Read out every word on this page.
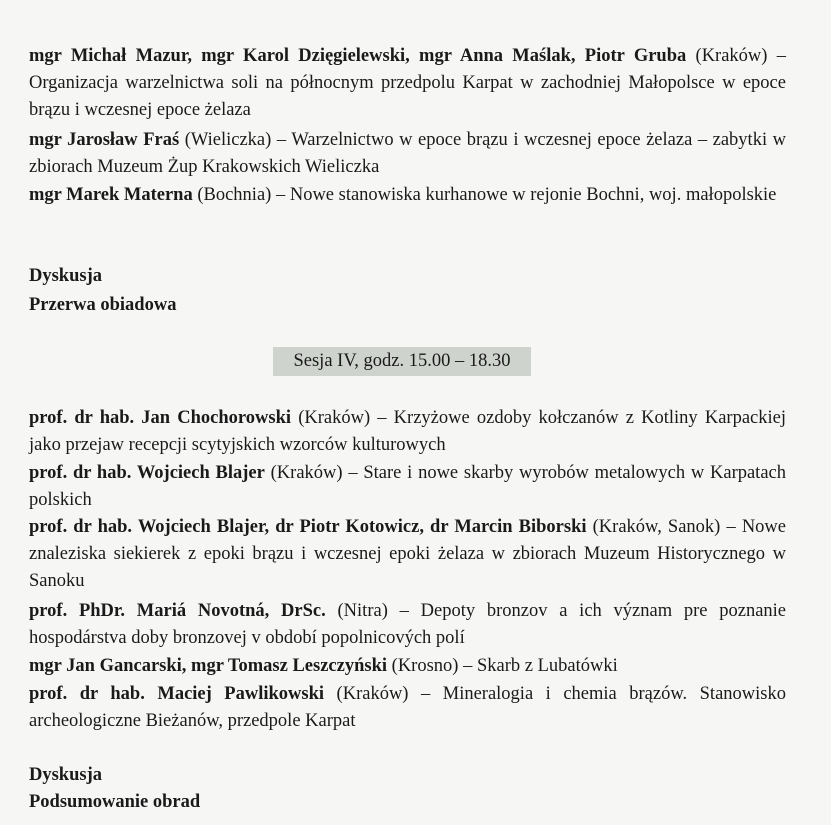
mgr Michał Mazur, mgr Karol Dzięgielewski, mgr Anna Maślak, Piotr Gruba (Kraków) – Organizacja warzelnictwa soli na północnym przedpolu Karpat w zachodniej Małopolsce w epoce brązu i wczesnej epoce żelaza
mgr Jarosław Fraś (Wieliczka) – Warzelnictwo w epoce brązu i wczesnej epoce żelaza – zabytki w zbiorach Muzeum Żup Krakowskich Wieliczka
mgr Marek Materna (Bochnia) – Nowe stanowiska kurhanowe w rejonie Bochni, woj. małopolskie
Dyskusja
Przerwa obiadowa
Sesja IV, godz. 15.00 – 18.30
prof. dr hab. Jan Chochorowski (Kraków) – Krzyżowe ozdoby kołczanów z Kotliny Karpackiej jako przejaw recepcji scytyjskich wzorców kulturowych
prof. dr hab. Wojciech Blajer (Kraków) – Stare i nowe skarby wyrobów metalowych w Karpatach polskich
prof. dr hab. Wojciech Blajer, dr Piotr Kotowicz, dr Marcin Biborski (Kraków, Sanok) – Nowe znaleziska siekierek z epoki brązu i wczesnej epoki żelaza w zbiorach Muzeum Historycznego w Sanoku
prof. PhDr. Mariá Novotná, DrSc. (Nitra) – Depoty bronzov a ich význam pre poznanie hospodárstva doby bronzovej v období popolnicových polí
mgr Jan Gancarski, mgr Tomasz Leszczyński (Krosno) – Skarb z Lubatówki
prof. dr hab. Maciej Pawlikowski (Kraków) – Mineralogia i chemia brązów. Stanowisko archeologiczne Bieżanów, przedpole Karpat
Dyskusja
Podsumowanie obrad
